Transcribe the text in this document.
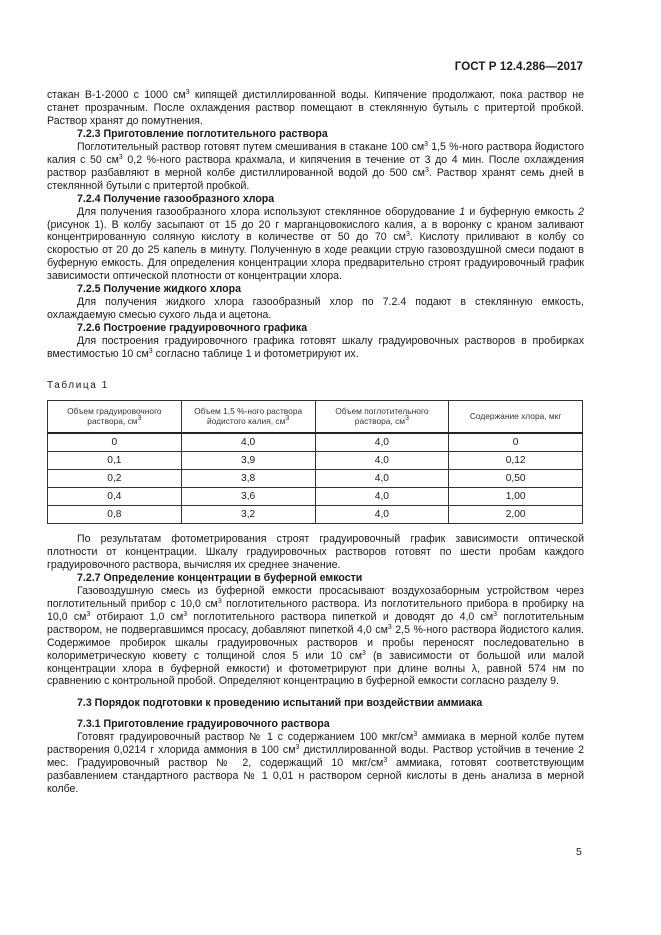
ГОСТ Р 12.4.286—2017

стакан В-1-2000 с 1000 $см^3$ кипящей дистиллированной воды. Кипячение продолжают, пока раствор не станет прозрачным. После охлаждения раствор помещают в стеклянную бутыль с притертой пробкой. Раствор хранят до помутнения.

7.2.3 Приготовление поглотительного раствора

Поглотительный раствор готовят путем смешивания в стакане 100 $см^3$ 1,5 %-ного раствора йодистого калия с 50 $см^3$ 0,2 %-ного раствора крахмала, и кипячения в течение от 3 до 4 мин. После охлаждения раствор разбавляют в мерной колбе дистиллированной водой до 500 $см^3$. Раствор хранят семь дней в стеклянной бутыли с притертой пробкой.

7.2.4 Получение газообразного хлора

Для получения газообразного хлора используют стеклянное оборудование 1 и буферную емкость 2 (рисунок 1). В колбу засыпают от 15 до 20 г марганцовокислого калия, а в воронку с краном заливают концентрированную соляную кислоту в количестве от 50 до 70 $см^3$. Кислоту приливают в колбу со скоростью от 20 до 25 капель в минуту. Полученную в ходе реакции струю газовоздушной смеси подают в буферную емкость. Для определения концентрации хлора предварительно строят градуировочный график зависимости оптической плотности от концентрации хлора.

7.2.5 Получение жидкого хлора

Для получения жидкого хлора газообразный хлор по 7.2.4 подают в стеклянную емкость, охлаждаемую смесью сухого льда и ацетона.

7.2.6 Построение градуировочного графика

Для построения градуировочного графика готовят шкалу градуировочных растворов в пробирках вместимостью 10 $см^3$ согласно таблице 1 и фотометрируют их.

Таблица 1

Объем градуировочного раствора, $см^3$	Объем 1,5 %-ного раствора йодистого калия, $см^3$	Объем поглотительного раствора, $см^3$	Содержание хлора, мкг
0	4,0	4,0	0
0,1	3,9	4,0	0,12
0,2	3,8	4,0	0,50
0,4	3,6	4,0	1,00
0,8	3,2	4,0	2,00

По результатам фотометрирования строят градуировочный график зависимости оптической плотности от концентрации. Шкалу градуировочных растворов готовят по шести пробам каждого градуировочного раствора, вычисляя их среднее значение.

7.2.7 Определение концентрации в буферной емкости

Газовоздушную смесь из буферной емкости просасывают воздухозаборным устройством через поглотительный прибор с 10,0 $см^3$ поглотительного раствора. Из поглотительного прибора в пробирку на 10,0 $см^3$ отбирают 1,0 $см^3$ поглотительного раствора пипеткой и доводят до 4,0 $см^3$ поглотительным раствором, не подвергавшимся просасу, добавляют пипеткой 4,0 $см^3$ 2,5 %-ного раствора йодистого калия. Содержимое пробирок шкалы градуировочных растворов и пробы переносят последовательно в колориметрическую кювету с толщиной слоя 5 или 10 $см^3$ (в зависимости от большой или малой концентрации хлора в буферной емкости) и фотометрируют при длине волны λ, равной 574 нм по сравнению с контрольной пробой. Определяют концентрацию в буферной емкости согласно разделу 9.

7.3 Порядок подготовки к проведению испытаний при воздействии аммиака

7.3.1 Приготовление градуировочного раствора

Готовят градуировочный раствор № 1 с содержанием 100 мкг/$см^3$ аммиака в мерной колбе путем растворения 0,0214 г хлорида аммония в 100 $см^3$ дистиллированной воды. Раствор устойчив в течение 2 мес. Градуировочный раствор № 2, содержащий 10 мкг/$см^3$ аммиака, готовят соответствующим разбавлением стандартного раствора № 1 0,01 н раствором серной кислоты в день анализа в мерной колбе.

5
